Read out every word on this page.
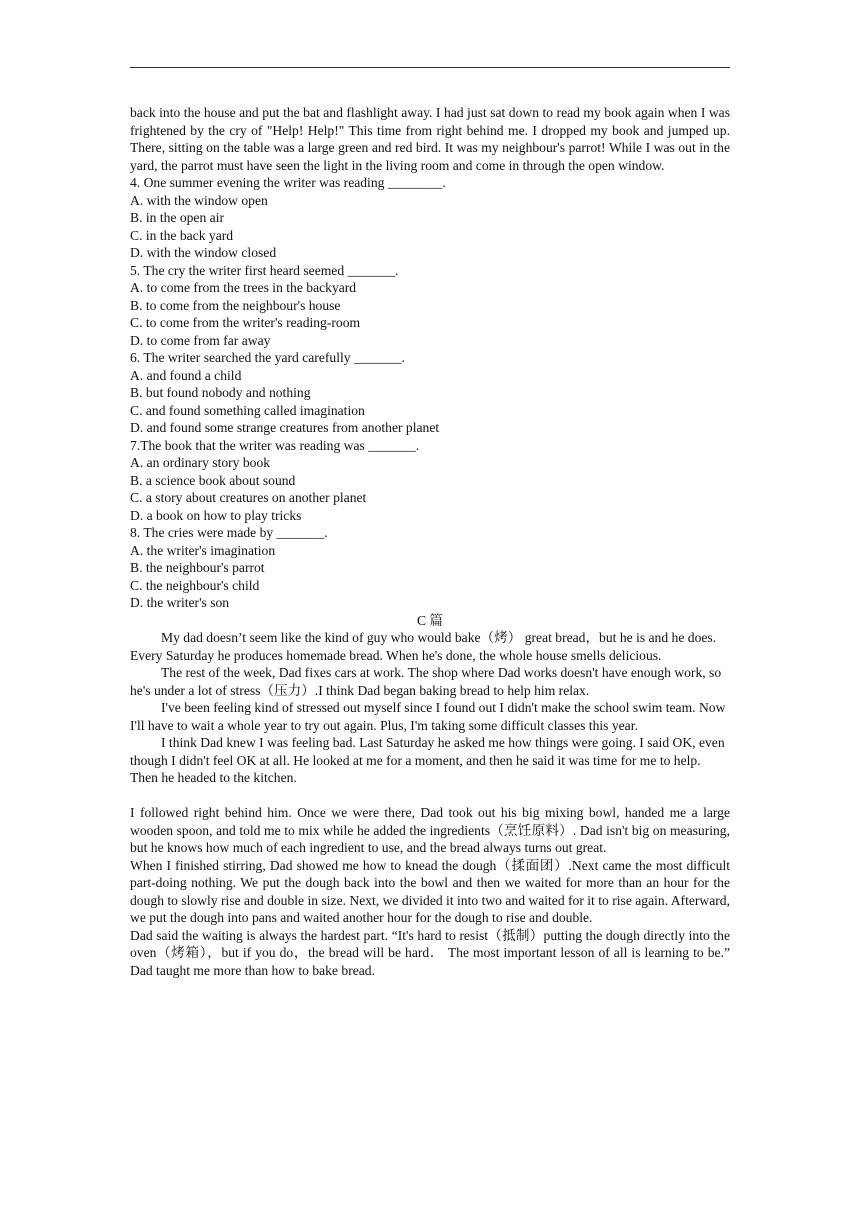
back into the house and put the bat and flashlight away. I had just sat down to read my book again when I was frightened by the cry of "Help! Help!" This time from right behind me. I dropped my book and jumped up. There, sitting on the table was a large green and red bird. It was my neighbour's parrot! While I was out in the yard, the parrot must have seen the light in the living room and come in through the open window.

4. One summer evening the writer was reading ________.

A. with the window open

B. in the open air

C. in the back yard

D. with the window closed

5. The cry the writer first heard seemed _______.

A. to come from the trees in the backyard

B. to come from the neighbour's house

C. to come from the writer's reading-room

D. to come from far away

6. The writer searched the yard carefully _______.

A. and found a child

B. but found nobody and nothing

C. and found something called imagination

D. and found some strange creatures from another planet

7.The book that the writer was reading was _______.

A. an ordinary story book

B. a science book about sound

C. a story about creatures on another planet

D. a book on how to play tricks

8. The cries were made by _______.

A. the writer's imagination

B. the neighbour's parrot

C. the neighbour's child

D. the writer's son

C 篇

My dad doesn’t seem like the kind of guy who would bake（烤） great bread，but he is and he does. Every Saturday he produces homemade bread. When he's done, the whole house smells delicious.

The rest of the week, Dad fixes cars at work. The shop where Dad works doesn't have enough work, so he's under a lot of stress（压力）.I think Dad began baking bread to help him relax.

I've been feeling kind of stressed out myself since I found out I didn't make the school swim team. Now I'll have to wait a whole year to try out again. Plus, I'm taking some difficult classes this year.

I think Dad knew I was feeling bad. Last Saturday he asked me how things were going. I said OK, even though I didn't feel OK at all. He looked at me for a moment, and then he said it was time for me to help. Then he headed to the kitchen.

I followed right behind him. Once we were there, Dad took out his big mixing bowl, handed me a large wooden spoon, and told me to mix while he added the ingredients（烹饪原料）. Dad isn't big on measuring, but he knows how much of each ingredient to use, and the bread always turns out great.

When I finished stirring, Dad showed me how to knead the dough（揉面团）.Next came the most difficult part-doing nothing. We put the dough back into the bowl and then we waited for more than an hour for the dough to slowly rise and double in size. Next, we divided it into two and waited for it to rise again. Afterward, we put the dough into pans and waited another hour for the dough to rise and double.

Dad said the waiting is always the hardest part. “It's hard to resist（抵制）putting the dough directly into the oven（烤箱），but if you do，the bread will be hard． The most important lesson of all is learning to be.” Dad taught me more than how to bake bread.
